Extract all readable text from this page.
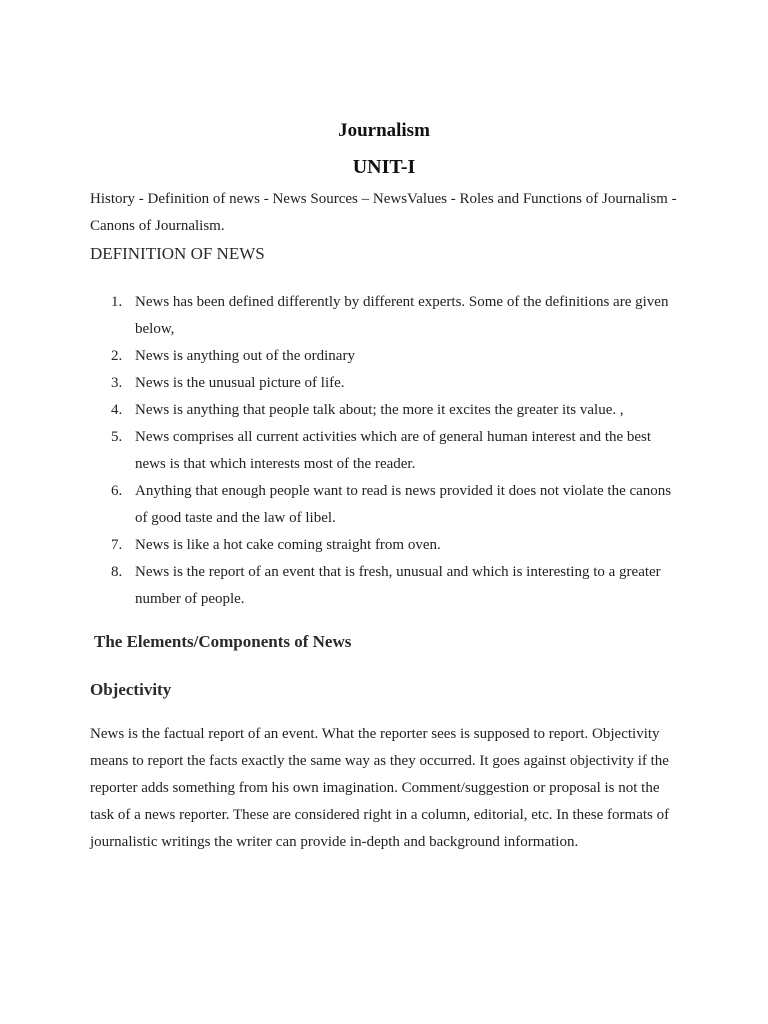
Journalism
UNIT-I
History - Definition of news - News Sources – NewsValues - Roles and Functions of Journalism - Canons of Journalism.
DEFINITION OF NEWS
1. News has been defined differently by different experts. Some of the definitions are given below,
2. News is anything out of the ordinary
3. News is the unusual picture of life.
4. News is anything that people talk about; the more it excites the greater its value. ,
5. News comprises all current activities which are of general human interest and the best news is that which interests most of the reader.
6. Anything that enough people want to read is news provided it does not violate the canons of good taste and the law of libel.
7. News is like a hot cake coming straight from oven.
8. News is the report of an event that is fresh, unusual and which is interesting to a greater number of people.
The Elements/Components of News
Objectivity
News is the factual report of an event. What the reporter sees is supposed to report. Objectivity means to report the facts exactly the same way as they occurred. It goes against objectivity if the reporter adds something from his own imagination. Comment/suggestion or proposal is not the task of a news reporter. These are considered right in a column, editorial, etc. In these formats of journalistic writings the writer can provide in-depth and background information.
